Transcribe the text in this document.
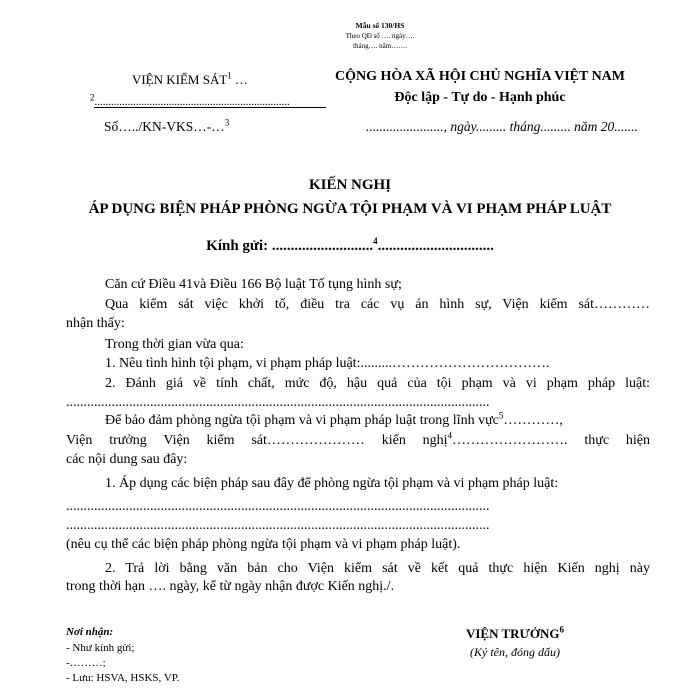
Mẫu số 130/HS
Theo QĐ số …. ngày….
tháng…. năm…….
VIỆN KIỂM SÁT$^1$ …
$^2$.......................................................................
Số…../KN-VKS…-…$^3$
CỘNG HÒA XÃ HỘI CHỦ NGHĨA VIỆT NAM
Độc lập - Tự do - Hạnh phúc
......................., ngày......... tháng......... năm 20.......
KIẾN NGHỊ
ÁP DỤNG BIỆN PHÁP PHÒNG NGỪA TỘI PHẠM VÀ VI PHẠM PHÁP LUẬT
Kính gửi: ...........................$^4$...............................
Căn cứ Điều 41và Điều 166 Bộ luật Tố tụng hình sự;
Qua kiểm sát việc khởi tố, điều tra các vụ án hình sự, Viện kiểm sát…………
nhận thấy:
Trong thời gian vừa qua:
1. Nêu tình hình tội phạm, vi phạm pháp luật:.........…………………………….
2. Đánh giá về tính chất, mức độ, hậu quả của tội phạm và vi phạm pháp luật:
.........................................................................................................................
Để bảo đảm phòng ngừa tội phạm và vi phạm pháp luật trong lĩnh vực$^5$…………,
Viện trưởng Viện kiểm sát………………… kiến nghị$^4$……………………. thực hiện
các nội dung sau đây:
1. Áp dụng các biện pháp sau đây để phòng ngừa tội phạm và vi phạm pháp luật:
.........................................................................................................................
.........................................................................................................................
(nêu cụ thể các biện pháp phòng ngừa tội phạm và vi phạm pháp luật).
2. Trả lời bằng văn bản cho Viện kiểm sát về kết quả thực hiện Kiến nghị này
trong thời hạn …. ngày, kể từ ngày nhận được Kiến nghị./.
Nơi nhận:
- Như kính gửi;
-………;
- Lưu: HSVA, HSKS, VP.
VIỆN TRƯỞNG$^6$
(Ký tên, đóng dấu)
